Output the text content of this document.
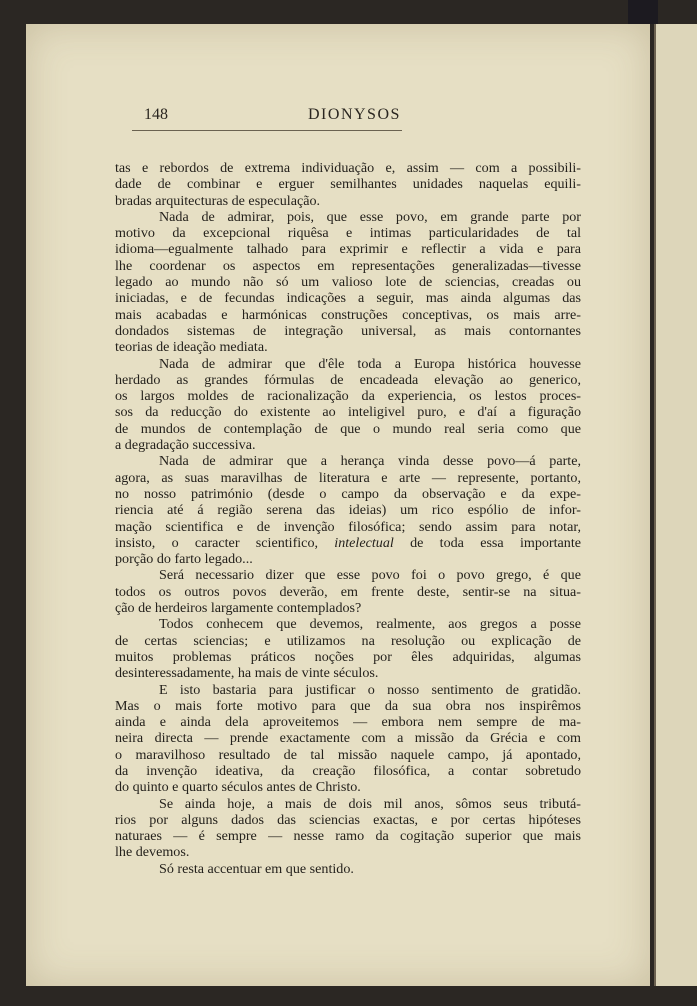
148	DIONYSOS
tas e rebordos de extrema individuação e, assim — com a possibili-
dade de combinar e erguer semilhantes unidades naquelas equili-
bradas arquitecturas de especulação.
Nada de admirar, pois, que esse povo, em grande parte por
motivo da excepcional riquêsa e intimas particularidades de tal
idioma—egualmente talhado para exprimir e reflectir a vida e para
lhe coordenar os aspectos em representações generalizadas—tivesse
legado ao mundo não só um valioso lote de sciencias, creadas ou
iniciadas, e de fecundas indicações a seguir, mas ainda algumas das
mais acabadas e harmónicas construções conceptivas, os mais arre-
dondados sistemas de integração universal, as mais contornantes
teorias de ideação mediata.
Nada de admirar que d'êle toda a Europa histórica houvesse
herdado as grandes fórmulas de encadeada elevação ao generico,
os largos moldes de racionalização da experiencia, os lestos proces-
sos da reducção do existente ao inteligivel puro, e d'aí a figuração
de mundos de contemplação de que o mundo real seria como que
a degradação successiva.
Nada de admirar que a herança vinda desse povo—á parte,
agora, as suas maravilhas de literatura e arte — represente, portanto,
no nosso património (desde o campo da observação e da expe-
riencia até á região serena das ideias) um rico espólio de infor-
mação scientifica e de invenção filosófica; sendo assim para notar,
insisto, o caracter scientifico, intelectual de toda essa importante
porção do farto legado...
Será necessario dizer que esse povo foi o povo grego, é que
todos os outros povos deverão, em frente deste, sentir-se na situa-
ção de herdeiros largamente contemplados?
Todos conhecem que devemos, realmente, aos gregos a posse
de certas sciencias; e utilizamos na resolução ou explicação de
muitos problemas práticos noções por êles adquiridas, algumas
desinteressadamente, ha mais de vinte séculos.
E isto bastaria para justificar o nosso sentimento de gratidão.
Mas o mais forte motivo para que da sua obra nos inspirêmos
ainda e ainda dela aproveitemos — embora nem sempre de ma-
neira directa — prende exactamente com a missão da Grécia e com
o maravilhoso resultado de tal missão naquele campo, já apontado,
da invenção ideativa, da creação filosófica, a contar sobretudo
do quinto e quarto séculos antes de Christo.
Se ainda hoje, a mais de dois mil anos, sômos seus tributá-
rios por alguns dados das sciencias exactas, e por certas hipóteses
naturaes — é sempre — nesse ramo da cogitação superior que mais
lhe devemos.
Só resta accentuar em que sentido.
